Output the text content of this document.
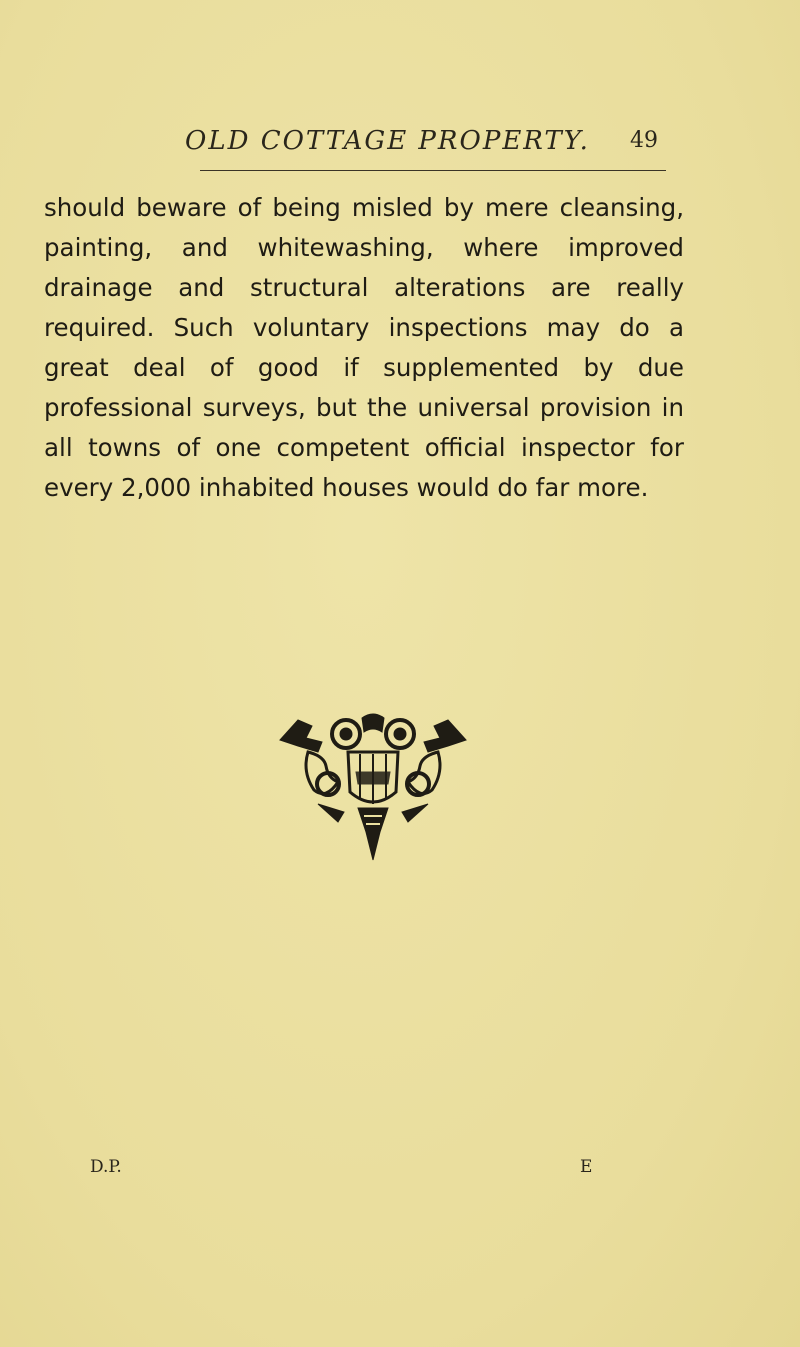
OLD COTTAGE PROPERTY. 49

should beware of being misled by mere cleansing, painting, and whitewashing, where improved drainage and structural alterations are really required. Such voluntary inspections may do a great deal of good if supplemented by due professional surveys, but the universal provision in all towns of one competent official inspector for every 2,000 inhabited houses would do far more.

D.P.	E
